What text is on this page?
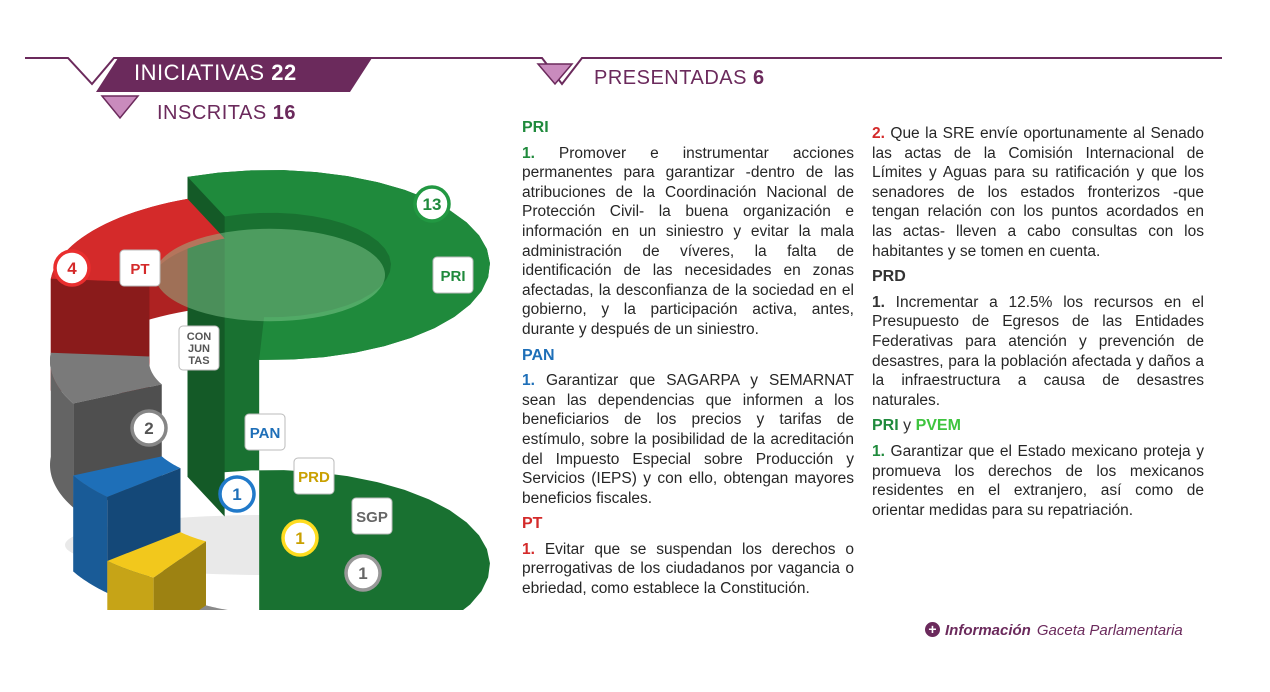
INICIATIVAS 22
INSCRITAS 16
PRESENTADAS 6
13
4
2
1
1
1
PRI
PT
CON
JUN
TAS
PAN
PRD
SGP
PRI
1. Promover e instrumentar acciones permanentes para garantizar -dentro de las atribuciones de la Coordinación Nacional de Protección Civil- la buena organización e información en un siniestro y evitar la mala administración de víveres, la falta de identificación de las necesidades en zonas afectadas, la desconfianza de la sociedad en el gobierno, y la participación activa, antes, durante y después de un siniestro.
PAN
1. Garantizar que SAGARPA y SEMARNAT sean las dependencias que informen a los beneficiarios de los precios y tarifas de estímulo, sobre la posibilidad de la acreditación del Impuesto Especial sobre Producción y Servicios (IEPS) y con ello, obtengan mayores beneficios fiscales.
PT
1. Evitar que se suspendan los derechos o prerrogativas de los ciudadanos por vagancia o ebriedad, como establece la Constitución.
2. Que la SRE envíe oportunamente al Senado las actas de la Comisión Internacional de Límites y Aguas para su ratificación y que los senadores de los estados fronterizos -que tengan relación con los puntos acordados en las actas- lleven a cabo consultas con los habitantes y se tomen en cuenta.
PRD
1. Incrementar a 12.5% los recursos en el Presupuesto de Egresos de las Entidades Federativas para atención y prevención de desastres, para la población afectada y daños a la infraestructura a causa de desastres naturales.
PRI y PVEM
1. Garantizar que el Estado mexicano proteja y promueva los derechos de los mexicanos residentes en el extranjero, así como de orientar medidas para su repatriación.
+ Información Gaceta Parlamentaria
